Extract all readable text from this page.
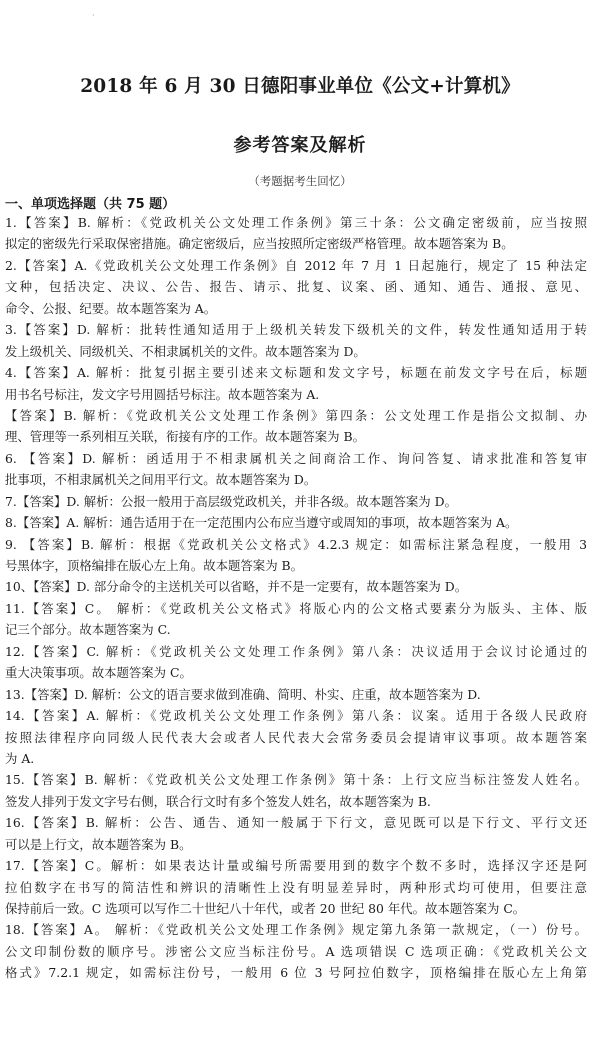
·
2018 年 6 月 30 日德阳事业单位《公文+计算机》
参考答案及解析
（考题据考生回忆）
一、单项选择题（共 75 题）
1.【答案】B. 解析：《党政机关公文处理工作条例》第三十条：公文确定密级前，应当按照
拟定的密级先行采取保密措施。确定密级后，应当按照所定密级严格管理。故本题答案为 B。
2.【答案】A.《党政机关公文处理工作条例》自 2012 年 7 月 1 日起施行，规定了 15 种法定
文种，包括决定、决议、公告、报告、请示、批复、议案、函、通知、通告、通报、意见、
命令、公报、纪要。故本题答案为 A。
3.【答案】D. 解析：批转性通知适用于上级机关转发下级机关的文件，转发性通知适用于转
发上级机关、同级机关、不相隶属机关的文件。故本题答案为 D。
4.【答案】A. 解析：批复引据主要引述来文标题和发文字号，标题在前发文字号在后，标题
用书名号标注，发文字号用圆括号标注。故本题答案为 A.
【答案】B. 解析：《党政机关公文处理工作条例》第四条：公文处理工作是指公文拟制、办
理、管理等一系列相互关联，衔接有序的工作。故本题答案为 B。
6. 【答案】D. 解析：函适用于不相隶属机关之间商洽工作、询问答复、请求批准和答复审
批事项，不相隶属机关之间用平行文。故本题答案为 D。
7.【答案】D. 解析：公报一般用于高层级党政机关，并非各级。故本题答案为 D。
8.【答案】A. 解析：通告适用于在一定范围内公布应当遵守或周知的事项，故本题答案为 A。
9. 【答案】B. 解析：根据《党政机关公文格式》4.2.3 规定：如需标注紧急程度，一般用 3
号黑体字，顶格编排在版心左上角。故本题答案为 B。
10、【答案】D. 部分命令的主送机关可以省略，并不是一定要有，故本题答案为 D。
11.【答案】C。 解析：《党政机关公文格式》将版心内的公文格式要素分为版头、主体、版
记三个部分。故本题答案为 C.
12.【答案】C. 解析：《党政机关公文处理工作条例》第八条：决议适用于会议讨论通过的
重大决策事项。故本题答案为 C。
13.【答案】D. 解析：公文的语言要求做到准确、简明、朴实、庄重，故本题答案为 D.
14.【答案】A. 解析：《党政机关公文处理工作条例》第八条：议案。适用于各级人民政府
按照法律程序向同级人民代表大会或者人民代表大会常务委员会提请审议事项。故本题答案
为 A.
15.【答案】B. 解析：《党政机关公文处理工作条例》第十条：上行文应当标注签发人姓名。
签发人排列于发文字号右侧，联合行文时有多个签发人姓名，故本题答案为 B.
16.【答案】B. 解析：公告、通告、通知一般属于下行文，意见既可以是下行文、平行文还
可以是上行文，故本题答案为 B。
17.【答案】C。解析：如果表达计量或编号所需要用到的数字个数不多时，选择汉字还是阿
拉伯数字在书写的简洁性和辨识的清晰性上没有明显差异时，两种形式均可使用，但要注意
保持前后一致。C 选项可以写作二十世纪八十年代，或者 20 世纪 80 年代。故本题答案为 C。
18.【答案】A。 解析：《党政机关公文处理工作条例》规定第九条第一款规定，（一）份号。
公文印制份数的顺序号。涉密公文应当标注份号。A 选项错误 C 选项正确：《党政机关公文
格式》7.2.1 规定，如需标注份号，一般用 6 位 3 号阿拉伯数字，顶格编排在版心左上角第
